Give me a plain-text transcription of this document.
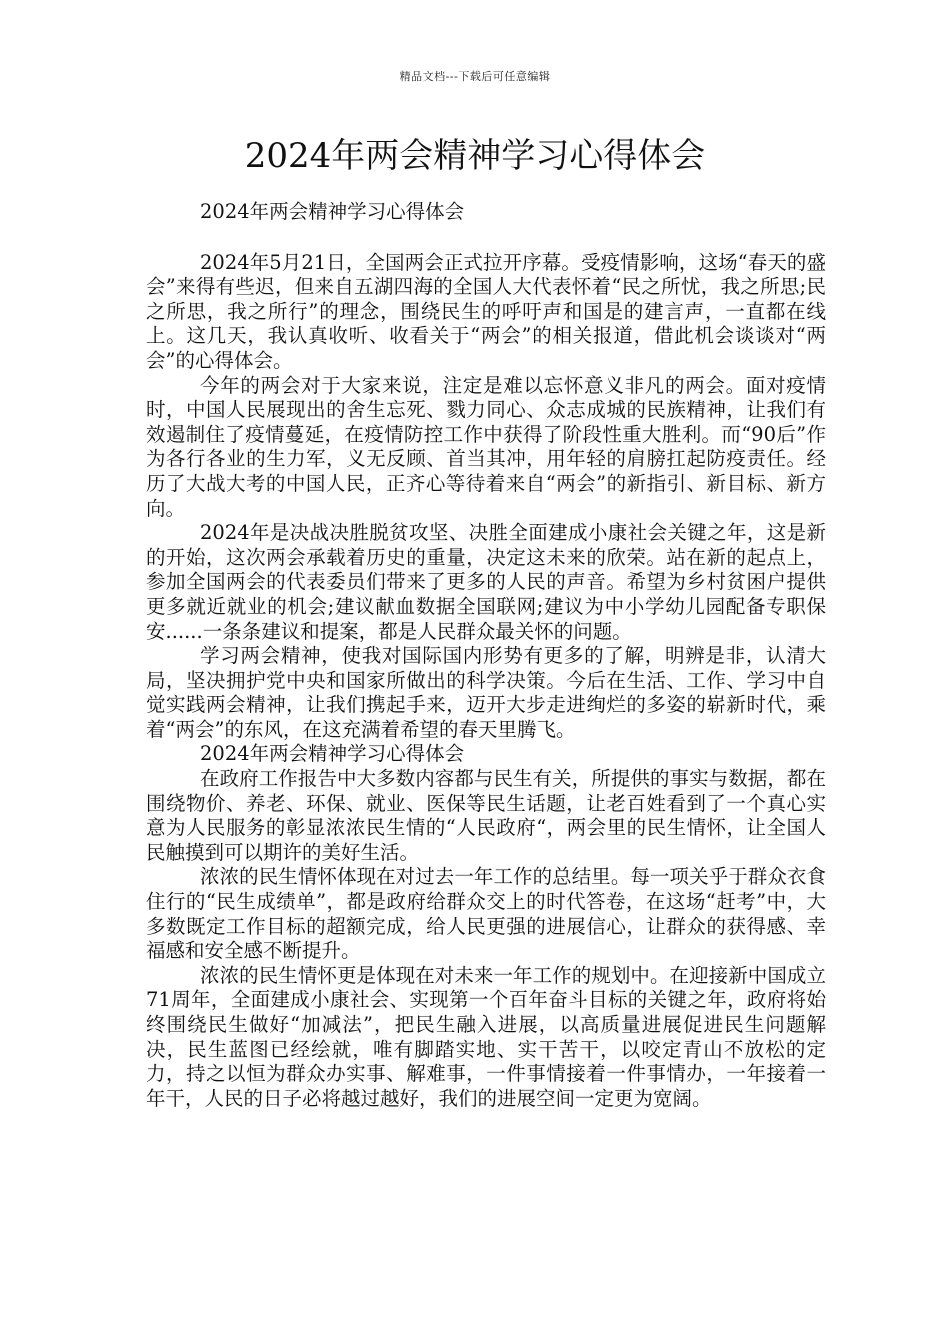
精品文档---下载后可任意编辑
2024年两会精神学习心得体会

2024年两会精神学习心得体会

2024年5月21日，全国两会正式拉开序幕。受疫情影响，这场“春天的盛会”来得有些迟，但来自五湖四海的全国人大代表怀着“民之所忧，我之所思;民之所思，我之所行”的理念，围绕民生的呼吁声和国是的建言声，一直都在线上。这几天，我认真收听、收看关于“两会”的相关报道，借此机会谈谈对“两会”的心得体会。

今年的两会对于大家来说，注定是难以忘怀意义非凡的两会。面对疫情时，中国人民展现出的舍生忘死、戮力同心、众志成城的民族精神，让我们有效遏制住了疫情蔓延，在疫情防控工作中获得了阶段性重大胜利。而“90后”作为各行各业的生力军，义无反顾、首当其冲，用年轻的肩膀扛起防疫责任。经历了大战大考的中国人民，正齐心等待着来自“两会”的新指引、新目标、新方向。

2024年是决战决胜脱贫攻坚、决胜全面建成小康社会关键之年，这是新的开始，这次两会承载着历史的重量，决定这未来的欣荣。站在新的起点上，参加全国两会的代表委员们带来了更多的人民的声音。希望为乡村贫困户提供更多就近就业的机会;建议献血数据全国联网;建议为中小学幼儿园配备专职保安......一条条建议和提案，都是人民群众最关怀的问题。

学习两会精神，使我对国际国内形势有更多的了解，明辨是非，认清大局，坚决拥护党中央和国家所做出的科学决策。今后在生活、工作、学习中自觉实践两会精神，让我们携起手来，迈开大步走进绚烂的多姿的崭新时代，乘着“两会”的东风，在这充满着希望的春天里腾飞。

2024年两会精神学习心得体会

在政府工作报告中大多数内容都与民生有关，所提供的事实与数据，都在围绕物价、养老、环保、就业、医保等民生话题，让老百姓看到了一个真心实意为人民服务的彰显浓浓民生情的“人民政府“，两会里的民生情怀，让全国人民触摸到可以期许的美好生活。

浓浓的民生情怀体现在对过去一年工作的总结里。每一项关乎于群众衣食住行的“民生成绩单”，都是政府给群众交上的时代答卷，在这场“赶考”中，大多数既定工作目标的超额完成，给人民更强的进展信心，让群众的获得感、幸福感和安全感不断提升。

浓浓的民生情怀更是体现在对未来一年工作的规划中。在迎接新中国成立71周年，全面建成小康社会、实现第一个百年奋斗目标的关键之年，政府将始终围绕民生做好“加减法”，把民生融入进展，以高质量进展促进民生问题解决，民生蓝图已经绘就，唯有脚踏实地、实干苦干，以咬定青山不放松的定力，持之以恒为群众办实事、解难事，一件事情接着一件事情办，一年接着一年干，人民的日子必将越过越好，我们的进展空间一定更为宽阔。
